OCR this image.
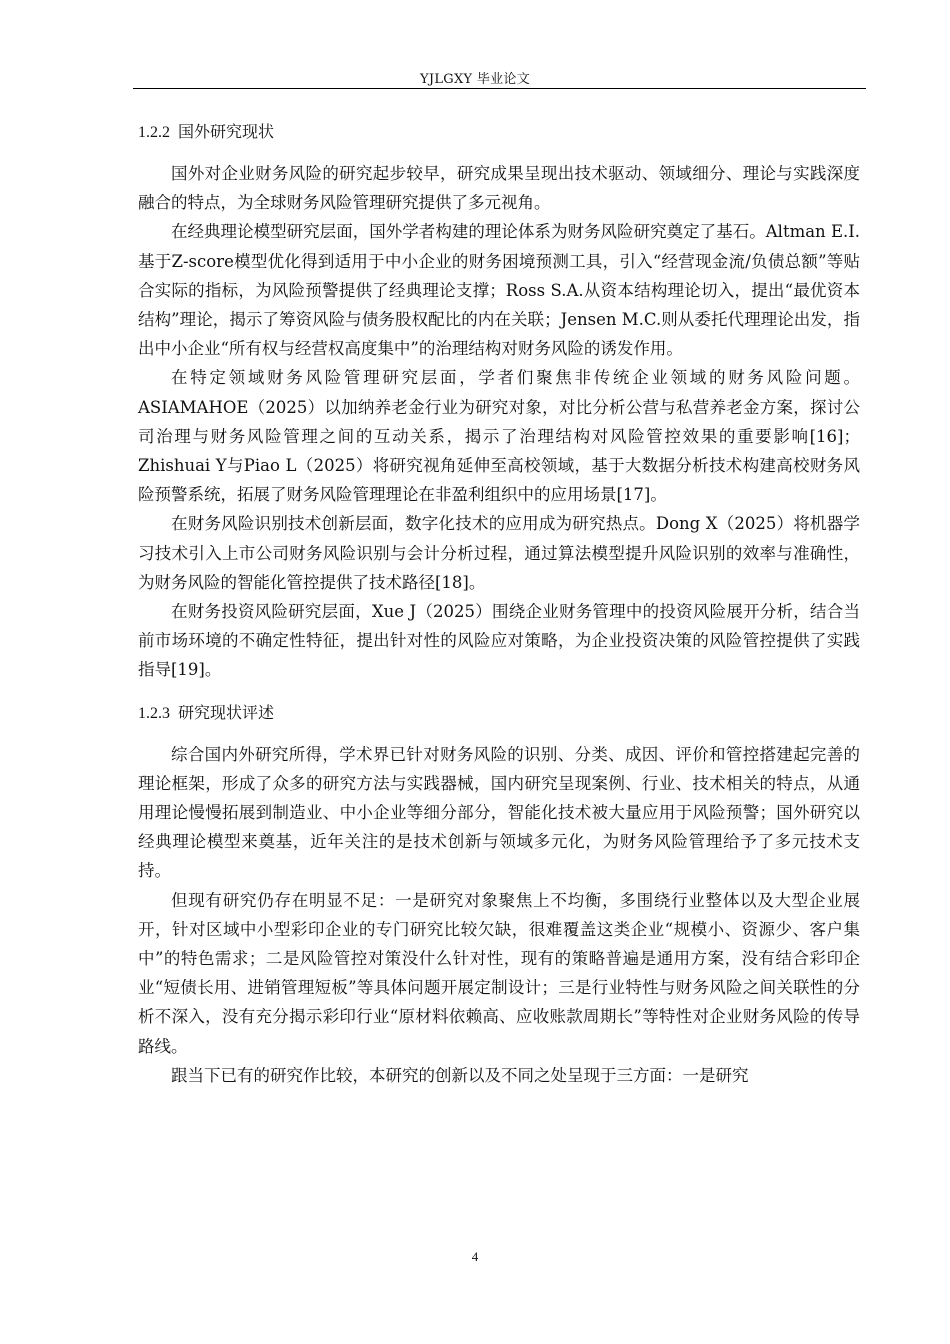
YJLGXY 毕业论文
1.2.2 国外研究现状

国外对企业财务风险的研究起步较早，研究成果呈现出技术驱动、领域细分、理论与实践深度融合的特点，为全球财务风险管理研究提供了多元视角。

在经典理论模型研究层面，国外学者构建的理论体系为财务风险研究奠定了基石。Altman E.I.基于Z-score模型优化得到适用于中小企业的财务困境预测工具，引入“经营现金流/负债总额”等贴合实际的指标，为风险预警提供了经典理论支撑；Ross S.A.从资本结构理论切入，提出“最优资本结构”理论，揭示了筹资风险与债务股权配比的内在关联；Jensen M.C.则从委托代理理论出发，指出中小企业“所有权与经营权高度集中”的治理结构对财务风险的诱发作用。

在特定领域财务风险管理研究层面，学者们聚焦非传统企业领域的财务风险问题。ASIAMAHOE（2025）以加纳养老金行业为研究对象，对比分析公营与私营养老金方案，探讨公司治理与财务风险管理之间的互动关系，揭示了治理结构对风险管控效果的重要影响[16]；Zhishuai Y与Piao L（2025）将研究视角延伸至高校领域，基于大数据分析技术构建高校财务风险预警系统，拓展了财务风险管理理论在非盈利组织中的应用场景[17]。

在财务风险识别技术创新层面，数字化技术的应用成为研究热点。Dong X（2025）将机器学习技术引入上市公司财务风险识别与会计分析过程，通过算法模型提升风险识别的效率与准确性，为财务风险的智能化管控提供了技术路径[18]。

在财务投资风险研究层面，Xue J（2025）围绕企业财务管理中的投资风险展开分析，结合当前市场环境的不确定性特征，提出针对性的风险应对策略，为企业投资决策的风险管控提供了实践指导[19]。

1.2.3 研究现状评述

综合国内外研究所得，学术界已针对财务风险的识别、分类、成因、评价和管控搭建起完善的理论框架，形成了众多的研究方法与实践器械，国内研究呈现案例、行业、技术相关的特点，从通用理论慢慢拓展到制造业、中小企业等细分部分，智能化技术被大量应用于风险预警；国外研究以经典理论模型来奠基，近年关注的是技术创新与领域多元化，为财务风险管理给予了多元技术支持。

但现有研究仍存在明显不足：一是研究对象聚焦上不均衡，多围绕行业整体以及大型企业展开，针对区域中小型彩印企业的专门研究比较欠缺，很难覆盖这类企业“规模小、资源少、客户集中”的特色需求；二是风险管控对策没什么针对性，现有的策略普遍是通用方案，没有结合彩印企业“短债长用、进销管理短板”等具体问题开展定制设计；三是行业特性与财务风险之间关联性的分析不深入，没有充分揭示彩印行业“原材料依赖高、应收账款周期长”等特性对企业财务风险的传导路线。

跟当下已有的研究作比较，本研究的创新以及不同之处呈现于三方面：一是研究

4
